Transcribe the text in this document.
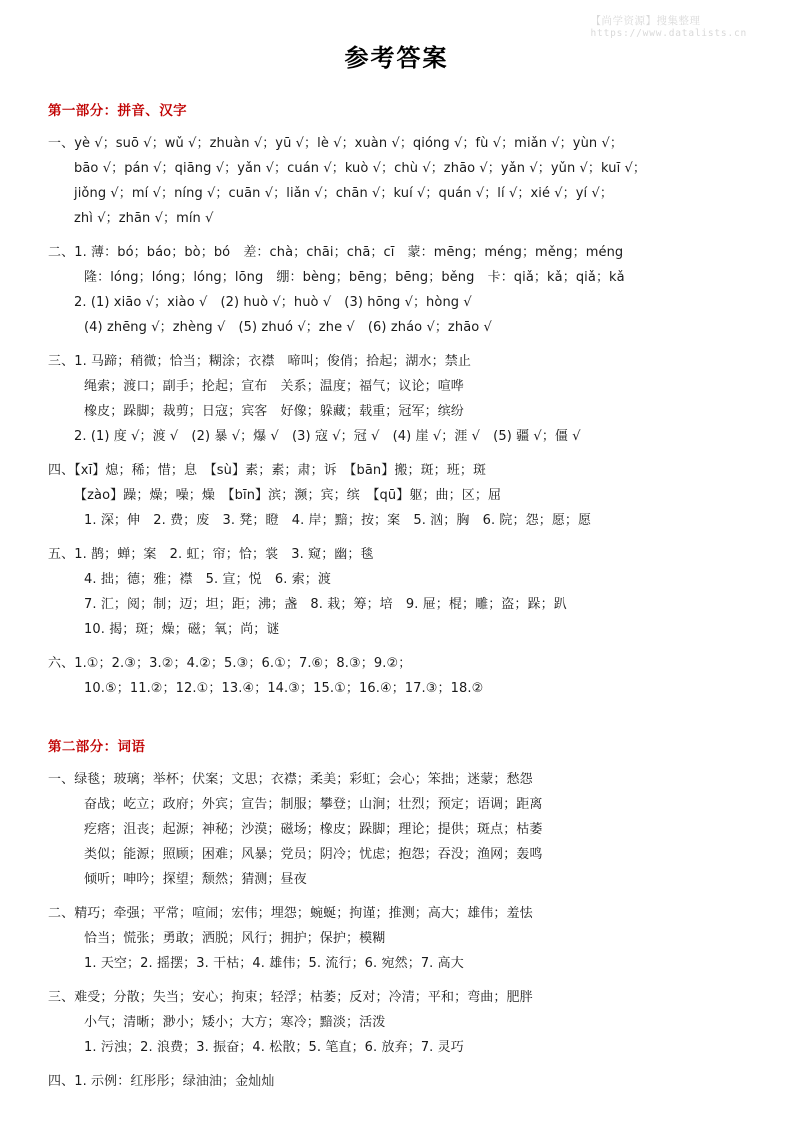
【尚学资源】搜集整理
https://www.datalists.cn
参考答案
第一部分：拼音、汉字
一、yè √；suō √；wǔ √；zhuàn √；yū √；lè √；xuàn √；qióng √；fù √；miǎn √；yùn √；
bāo √；pán √；qiāng √；yǎn √；cuán √；kuò √；chù √；zhāo √；yǎn √；yǔn √；kuī √；
jiǒng √；mí √；níng √；cuān √；liǎn √；chān √；kuí √；quán √；lí √；xié √；yí √；
zhì √；zhān √；mín √
二、1. 薄：bó；báo；bò；bó　差：chà；chāi；chā；cī　蒙：mēng；méng；měng；méng
隆：lóng；lóng；lóng；lōng　绷：bèng；bēng；bēng；běng　卡：qiǎ；kǎ；qiǎ；kǎ
2. (1) xiāo √；xiào √　(2) huò √；huò √　(3) hōng √；hòng √
(4) zhēng √；zhèng √　(5) zhuó √；zhe √　(6) zháo √；zhāo √
三、1. 马蹄；稍微；恰当；糊涂；衣襟　啼叫；俊俏；拾起；湖水；禁止
绳索；渡口；副手；抡起；宣布　关系；温度；福气；议论；喧哗
橡皮；跺脚；裁剪；日寇；宾客　好像；躲藏；载重；冠军；缤纷
2. (1) 度 √；渡 √　(2) 暴 √；爆 √　(3) 寇 √；冠 √　(4) 崖 √；涯 √　(5) 疆 √；僵 √
四、【xī】熄；稀；惜；息　【sù】素；素；肃；诉　【bān】搬；斑；班；斑
【zào】躁；燥；噪；燥　【bīn】滨；濒；宾；缤　【qū】躯；曲；区；屈
1. 深；伸　2. 费；废　3. 凳；瞪　4. 岸；黯；按；案　5. 汹；胸　6. 院；怨；愿；愿
五、1. 鹊；蝉；案　2. 虹；帘；恰；裳　3. 窥；幽；毯
4. 拙；德；雅；襟　5. 宣；悦　6. 索；渡
7. 汇；阅；制；迈；坦；距；沸；盏　8. 栽；筹；培　9. 屉；棍；雕；盗；跺；趴
10. 揭；斑；燥；磁；氧；尚；谜
六、1.①；2.③；3.②；4.②；5.③；6.①；7.⑥；8.③；9.②；
10.⑤；11.②；12.①；13.④；14.③；15.①；16.④；17.③；18.②
第二部分：词语
一、绿毯；玻璃；举杯；伏案；文思；衣襟；柔美；彩虹；会心；笨拙；迷蒙；愁怨
奋战；屹立；政府；外宾；宣告；制服；攀登；山涧；壮烈；预定；语调；距离
疙瘩；沮丧；起源；神秘；沙漠；磁场；橡皮；跺脚；理论；提供；斑点；枯萎
类似；能源；照顾；困难；风暴；党员；阴冷；忧虑；抱怨；吞没；渔网；轰鸣
倾听；呻吟；探望；颓然；猜测；昼夜
二、精巧；牵强；平常；喧闹；宏伟；埋怨；蜿蜒；拘谨；推测；高大；雄伟；羞怯
恰当；慌张；勇敢；洒脱；风行；拥护；保护；模糊
1. 天空；2. 摇摆；3. 干枯；4. 雄伟；5. 流行；6. 宛然；7. 高大
三、难受；分散；失当；安心；拘束；轻浮；枯萎；反对；冷清；平和；弯曲；肥胖
小气；清晰；渺小；矮小；大方；寒冷；黯淡；活泼
1. 污浊；2. 浪费；3. 振奋；4. 松散；5. 笔直；6. 放弃；7. 灵巧
四、1. 示例：红彤彤；绿油油；金灿灿
